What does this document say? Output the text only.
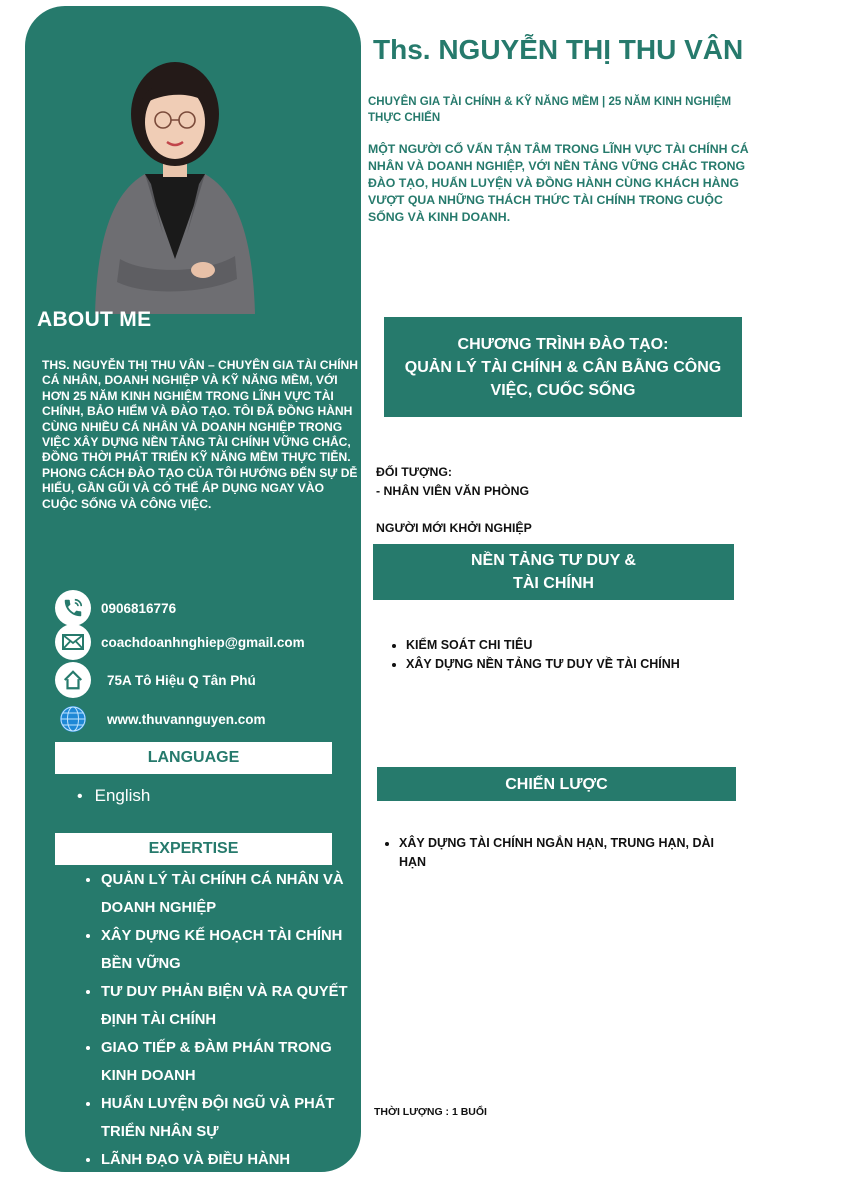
ABOUT ME

THS. NGUYỄN THỊ THU VÂN – CHUYÊN GIA TÀI CHÍNH CÁ NHÂN, DOANH NGHIỆP VÀ KỸ NĂNG MỀM, VỚI HƠN 25 NĂM KINH NGHIỆM TRONG LĨNH VỰC TÀI CHÍNH, BẢO HIỂM VÀ ĐÀO TẠO. TÔI ĐÃ ĐỒNG HÀNH CÙNG NHIỀU CÁ NHÂN VÀ DOANH NGHIỆP TRONG VIỆC XÂY DỰNG NỀN TẢNG TÀI CHÍNH VỮNG CHẮC, ĐỒNG THỜI PHÁT TRIỂN KỸ NĂNG MỀM THỰC TIỄN.

PHONG CÁCH ĐÀO TẠO CỦA TÔI HƯỚNG ĐẾN SỰ DỄ HIỂU, GẦN GŨI VÀ CÓ THỂ ÁP DỤNG NGAY VÀO CUỘC SỐNG VÀ CÔNG VIỆC.

0906816776
coachdoanhnghiep@gmail.com
75A Tô Hiệu Q Tân Phú
www.thuvannguyen.com
LANGUAGE
• English
EXPERTISE
• QUẢN LÝ TÀI CHÍNH CÁ NHÂN VÀ DOANH NGHIỆP
• XÂY DỰNG KẾ HOẠCH TÀI CHÍNH BỀN VỮNG
• TƯ DUY PHẢN BIỆN VÀ RA QUYẾT ĐỊNH TÀI CHÍNH
• GIAO TIẾP & ĐÀM PHÁN TRONG KINH DOANH
• HUẤN LUYỆN ĐỘI NGŨ VÀ PHÁT TRIỂN NHÂN SỰ
• LÃNH ĐẠO VÀ ĐIỀU HÀNH
Ths. NGUYỄN THỊ THU VÂN

CHUYÊN GIA TÀI CHÍNH & KỸ NĂNG MỀM | 25 NĂM KINH NGHIỆM THỰC CHIẾN

MỘT NGƯỜI CỐ VẤN TẬN TÂM TRONG LĨNH VỰC TÀI CHÍNH CÁ NHÂN VÀ DOANH NGHIỆP, VỚI NỀN TẢNG VỮNG CHẮC TRONG ĐÀO TẠO, HUẤN LUYỆN VÀ ĐỒNG HÀNH CÙNG KHÁCH HÀNG VƯỢT QUA NHỮNG THÁCH THỨC TÀI CHÍNH TRONG CUỘC SỐNG VÀ KINH DOANH.

CHƯƠNG TRÌNH ĐÀO TẠO:
QUẢN LÝ TÀI CHÍNH & CÂN BẰNG CÔNG VIỆC, CUỐC SỐNG

ĐỐI TƯỢNG:

- NHÂN VIÊN VĂN PHÒNG

NGƯỜI MỚI KHỞI NGHIỆP

NỀN TẢNG TƯ DUY &
TÀI CHÍNH
• KIỂM SOÁT CHI TIÊU
• XÂY DỰNG NỀN TẢNG TƯ DUY VỀ TÀI CHÍNH
CHIẾN LƯỢC
• XÂY DỰNG TÀI CHÍNH NGẮN HẠN, TRUNG HẠN, DÀI HẠN

THỜI LƯỢNG : 1 BUỔI
